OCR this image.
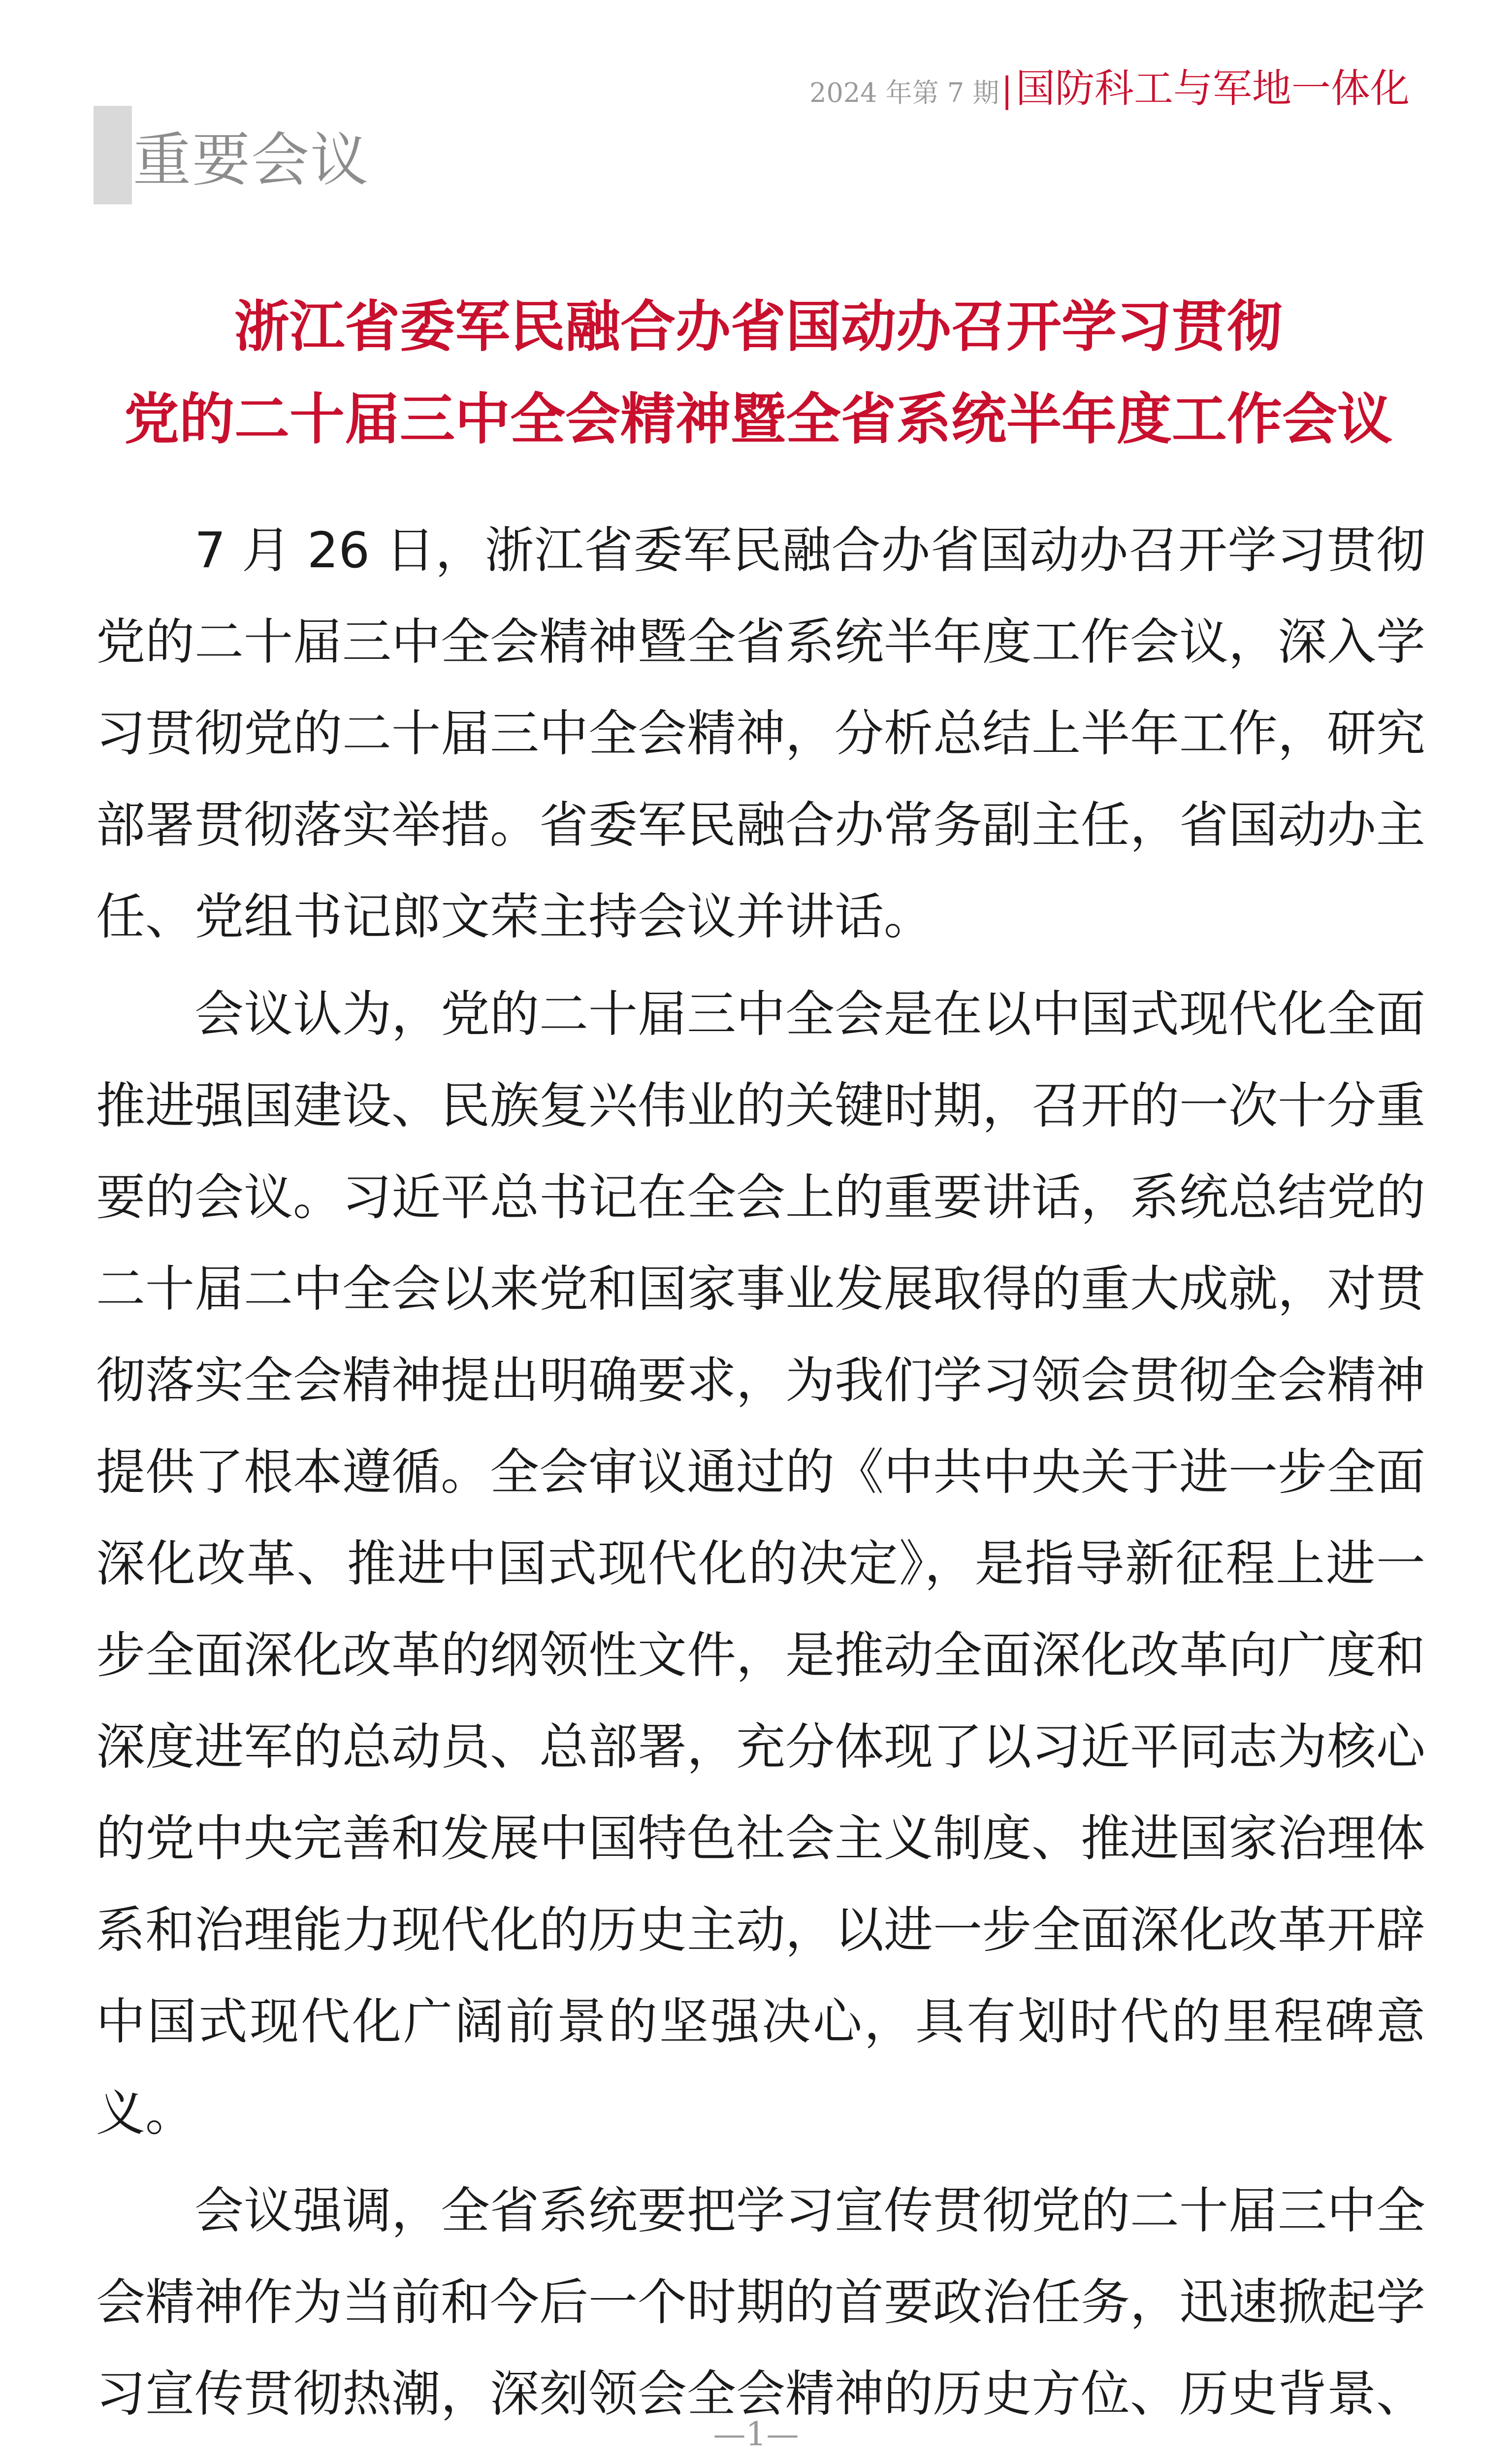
2024 年第 7 期 | 国防科工与军地一体化
重要会议
浙江省委军民融合办省国动办召开学习贯彻
党的二十届三中全会精神暨全省系统半年度工作会议

7 月 26 日，浙江省委军民融合办省国动办召开学习贯彻党的二十届三中全会精神暨全省系统半年度工作会议，深入学习贯彻党的二十届三中全会精神，分析总结上半年工作，研究部署贯彻落实举措。省委军民融合办常务副主任，省国动办主任、党组书记郎文荣主持会议并讲话。

会议认为，党的二十届三中全会是在以中国式现代化全面推进强国建设、民族复兴伟业的关键时期，召开的一次十分重要的会议。习近平总书记在全会上的重要讲话，系统总结党的二十届二中全会以来党和国家事业发展取得的重大成就，对贯彻落实全会精神提出明确要求，为我们学习领会贯彻全会精神提供了根本遵循。全会审议通过的《中共中央关于进一步全面深化改革、推进中国式现代化的决定》，是指导新征程上进一步全面深化改革的纲领性文件，是推动全面深化改革向广度和深度进军的总动员、总部署，充分体现了以习近平同志为核心的党中央完善和发展中国特色社会主义制度、推进国家治理体系和治理能力现代化的历史主动，以进一步全面深化改革开辟中国式现代化广阔前景的坚强决心，具有划时代的里程碑意义。

会议强调，全省系统要把学习宣传贯彻党的二十届三中全会精神作为当前和今后一个时期的首要政治任务，迅速掀起学习宣传贯彻热潮，深刻领会全会精神的历史方位、历史背景、

—1—
